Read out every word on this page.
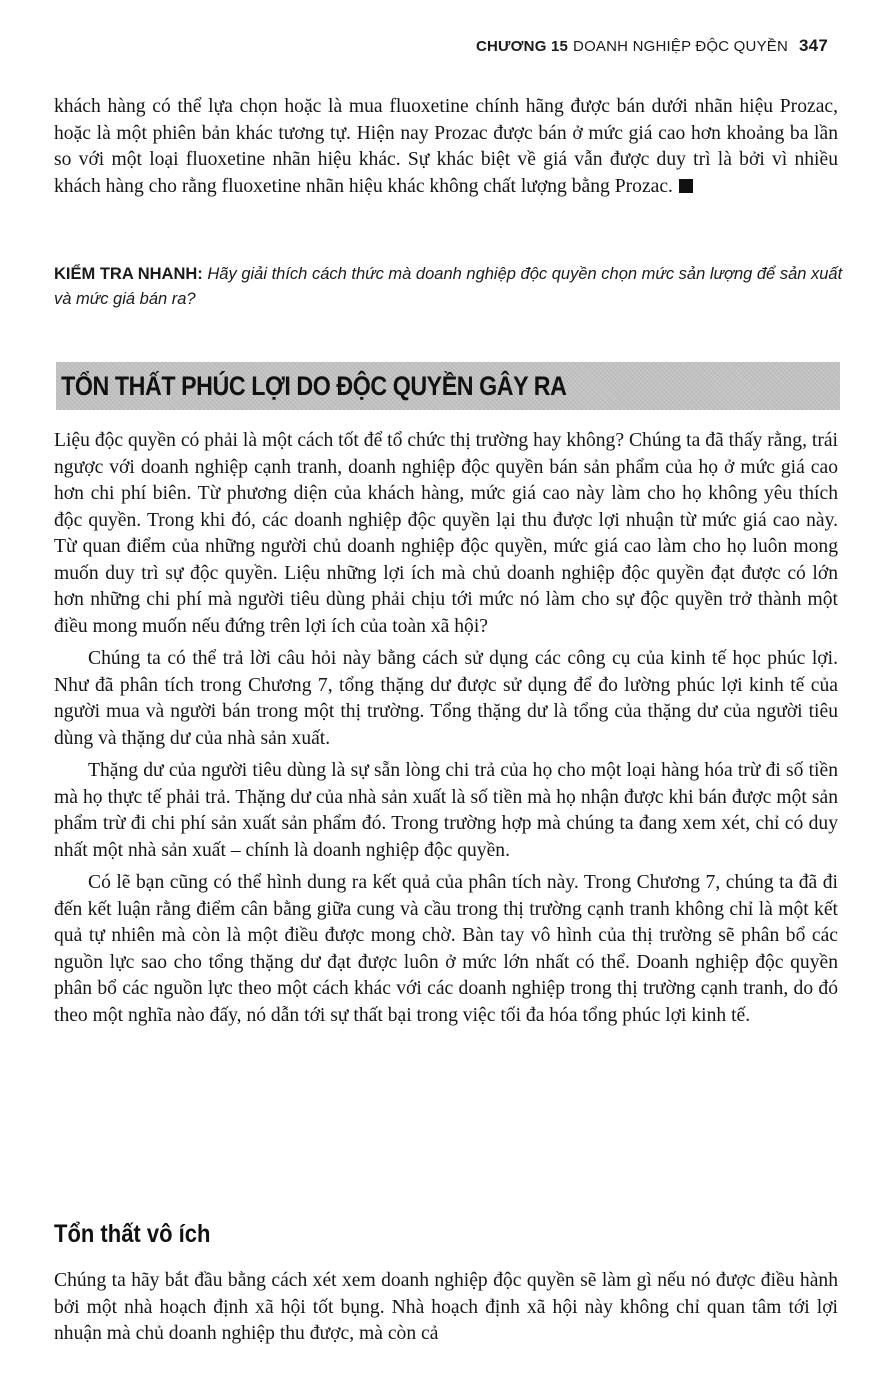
CHƯƠNG 15 DOANH NGHIỆP ĐỘC QUYỀN 347

khách hàng có thể lựa chọn hoặc là mua fluoxetine chính hãng được bán dưới nhãn hiệu Prozac, hoặc là một phiên bản khác tương tự. Hiện nay Prozac được bán ở mức giá cao hơn khoảng ba lần so với một loại fluoxetine nhãn hiệu khác. Sự khác biệt về giá vẫn được duy trì là bởi vì nhiều khách hàng cho rằng fluoxetine nhãn hiệu khác không chất lượng bằng Prozac.

KIỂM TRA NHANH: Hãy giải thích cách thức mà doanh nghiệp độc quyền chọn mức sản lượng để sản xuất và mức giá bán ra?
TỔN THẤT PHÚC LỢI DO ĐỘC QUYỀN GÂY RA

Liệu độc quyền có phải là một cách tốt để tổ chức thị trường hay không? Chúng ta đã thấy rằng, trái ngược với doanh nghiệp cạnh tranh, doanh nghiệp độc quyền bán sản phẩm của họ ở mức giá cao hơn chi phí biên. Từ phương diện của khách hàng, mức giá cao này làm cho họ không yêu thích độc quyền. Trong khi đó, các doanh nghiệp độc quyền lại thu được lợi nhuận từ mức giá cao này. Từ quan điểm của những người chủ doanh nghiệp độc quyền, mức giá cao làm cho họ luôn mong muốn duy trì sự độc quyền. Liệu những lợi ích mà chủ doanh nghiệp độc quyền đạt được có lớn hơn những chi phí mà người tiêu dùng phải chịu tới mức nó làm cho sự độc quyền trở thành một điều mong muốn nếu đứng trên lợi ích của toàn xã hội?

Chúng ta có thể trả lời câu hỏi này bằng cách sử dụng các công cụ của kinh tế học phúc lợi. Như đã phân tích trong Chương 7, tổng thặng dư được sử dụng để đo lường phúc lợi kinh tế của người mua và người bán trong một thị trường. Tổng thặng dư là tổng của thặng dư của người tiêu dùng và thặng dư của nhà sản xuất.

Thặng dư của người tiêu dùng là sự sẵn lòng chi trả của họ cho một loại hàng hóa trừ đi số tiền mà họ thực tế phải trả. Thặng dư của nhà sản xuất là số tiền mà họ nhận được khi bán được một sản phẩm trừ đi chi phí sản xuất sản phẩm đó. Trong trường hợp mà chúng ta đang xem xét, chỉ có duy nhất một nhà sản xuất – chính là doanh nghiệp độc quyền.

Có lẽ bạn cũng có thể hình dung ra kết quả của phân tích này. Trong Chương 7, chúng ta đã đi đến kết luận rằng điểm cân bằng giữa cung và cầu trong thị trường cạnh tranh không chỉ là một kết quả tự nhiên mà còn là một điều được mong chờ. Bàn tay vô hình của thị trường sẽ phân bổ các nguồn lực sao cho tổng thặng dư đạt được luôn ở mức lớn nhất có thể. Doanh nghiệp độc quyền phân bổ các nguồn lực theo một cách khác với các doanh nghiệp trong thị trường cạnh tranh, do đó theo một nghĩa nào đấy, nó dẫn tới sự thất bại trong việc tối đa hóa tổng phúc lợi kinh tế.

Tổn thất vô ích

Chúng ta hãy bắt đầu bằng cách xét xem doanh nghiệp độc quyền sẽ làm gì nếu nó được điều hành bởi một nhà hoạch định xã hội tốt bụng. Nhà hoạch định xã hội này không chỉ quan tâm tới lợi nhuận mà chủ doanh nghiệp thu được, mà còn cả
